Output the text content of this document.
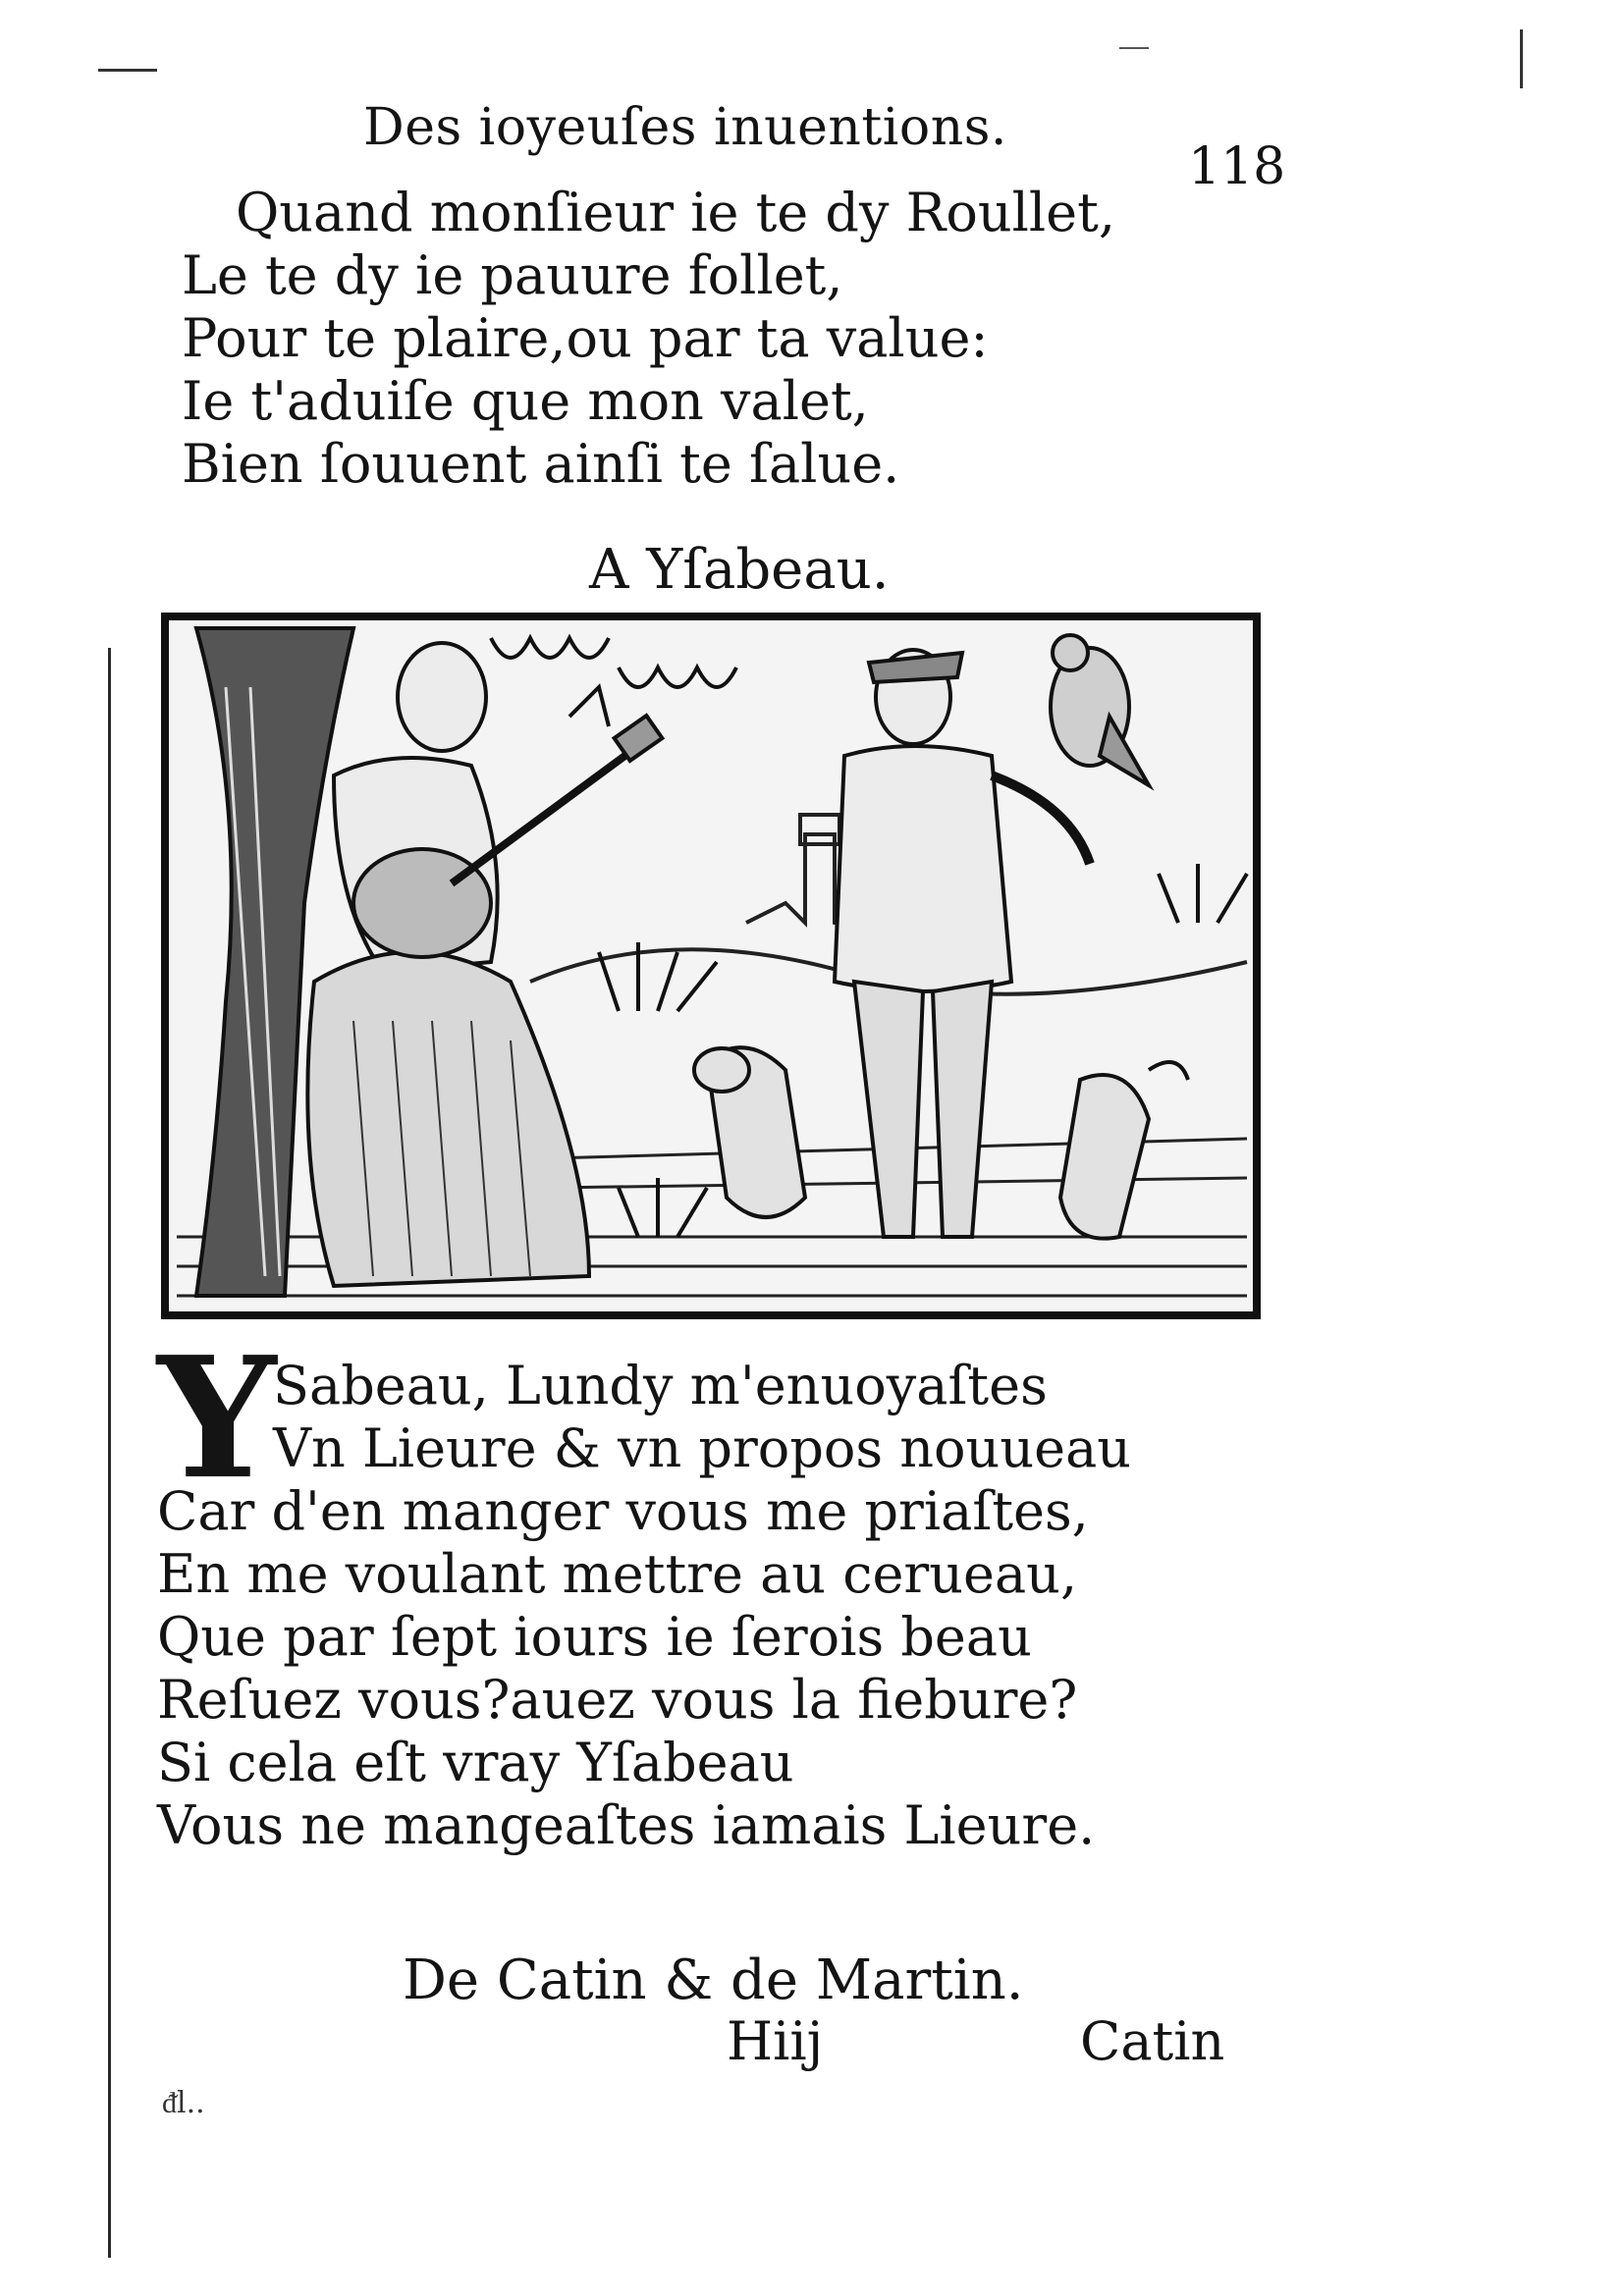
Des ioyeuſes inuentions.
118
Quand monſieur ie te dy Roullet,
Le te dy ie pauure follet,
Pour te plaire,ou par ta value:
Ie t'aduiſe que mon valet,
Bien ſouuent ainſi te ſalue.
A Yſabeau.
Y
Sabeau, Lundy m'enuoyaſtes
Vn Lieure & vn propos nouueau
Car d'en manger vous me priaſtes,
En me voulant mettre au cerueau,
Que par ſept iours ie ſerois beau
Reſuez vous?auez vous la fiebure?
Si cela eſt vray Yſabeau
Vous ne mangeaſtes iamais Lieure.
De Catin & de Martin.
Hiij	Catin
ᵭl..
